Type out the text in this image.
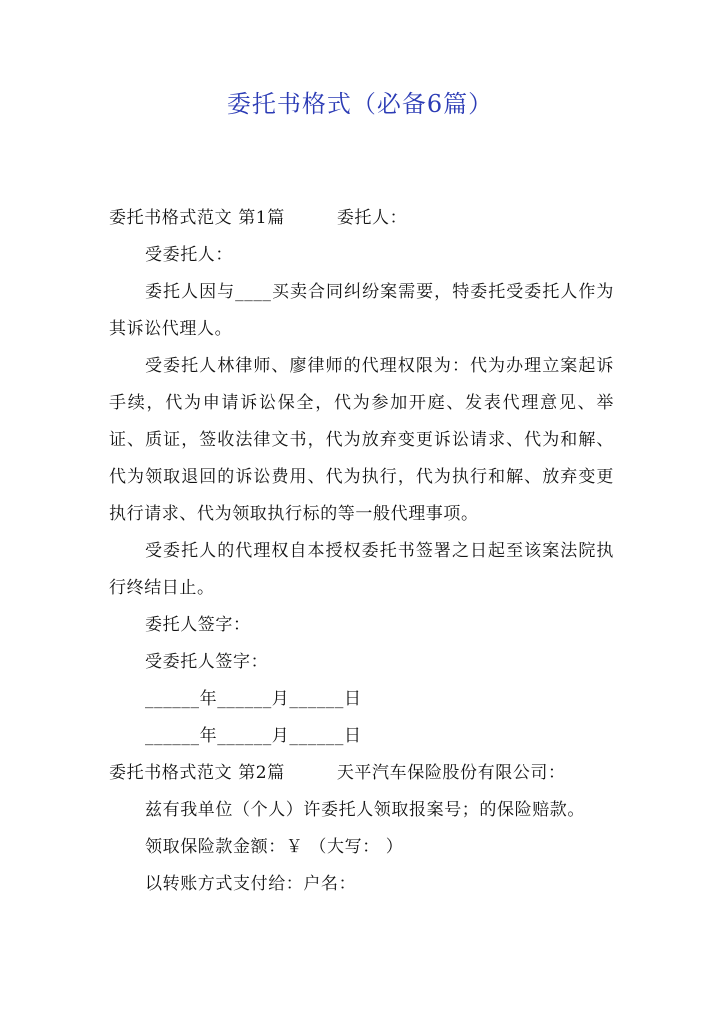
委托书格式（必备6篇）

委托书格式范文 第1篇	委托人：

受委托人：

委托人因与____买卖合同纠纷案需要，特委托受委托人作为其诉讼代理人。

受委托人林律师、廖律师的代理权限为：代为办理立案起诉手续，代为申请诉讼保全，代为参加开庭、发表代理意见、举证、质证，签收法律文书，代为放弃变更诉讼请求、代为和解、代为领取退回的诉讼费用、代为执行，代为执行和解、放弃变更执行请求、代为领取执行标的等一般代理事项。

受委托人的代理权自本授权委托书签署之日起至该案法院执行终结日止。

委托人签字：

受委托人签字：

______年______月______日

______年______月______日

委托书格式范文 第2篇	天平汽车保险股份有限公司：

兹有我单位（个人）许委托人领取报案号；的保险赔款。

领取保险款金额：￥ （大写： ）

以转账方式支付给：户名：
